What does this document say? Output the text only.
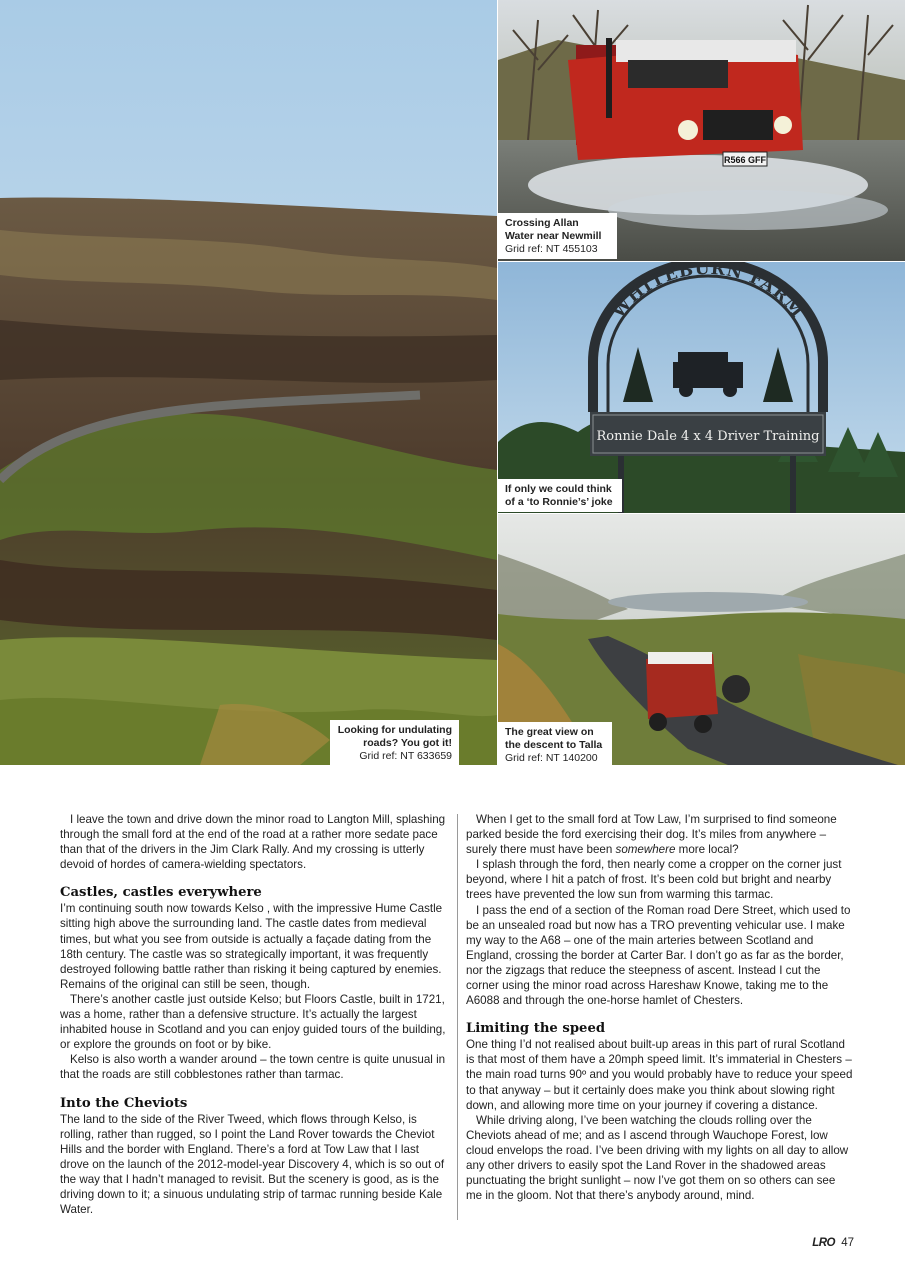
Looking for undulating roads? You got it!
Grid ref: NT 633659
R566 GFF
Crossing Allan Water near Newmill
Grid ref: NT 455103
WHITEBURN FARM
Ronnie Dale 4 x 4 Driver Training
If only we could think of a ‘to Ronnie’s’ joke
The great view on the descent to Talla
Grid ref: NT 140200

I leave the town and drive down the minor road to Langton Mill, splashing through the small ford at the end of the road at a rather more sedate pace than that of the drivers in the Jim Clark Rally. And my crossing is utterly devoid of hordes of camera-wielding spectators.

Castles, castles everywhere

I’m continuing south now towards Kelso , with the impressive Hume Castle sitting high above the surrounding land. The castle dates from medieval times, but what you see from outside is actually a façade dating from the 18th century. The castle was so strategically important, it was frequently destroyed following battle rather than risking it being captured by enemies. Remains of the original can still be seen, though.

There’s another castle just outside Kelso; but Floors Castle, built in 1721, was a home, rather than a defensive structure. It’s actually the largest inhabited house in Scotland and you can enjoy guided tours of the building, or explore the grounds on foot or by bike.

Kelso is also worth a wander around – the town centre is quite unusual in that the roads are still cobblestones rather than tarmac.

Into the Cheviots

The land to the side of the River Tweed, which flows through Kelso, is rolling, rather than rugged, so I point the Land Rover towards the Cheviot Hills and the border with England. There’s a ford at Tow Law that I last drove on the launch of the 2012-model-year Discovery 4, which is so out of the way that I hadn’t managed to revisit. But the scenery is good, as is the driving down to it; a sinuous undulating strip of tarmac running beside Kale Water.

When I get to the small ford at Tow Law, I’m surprised to find someone parked beside the ford exercising their dog. It’s miles from anywhere – surely there must have been somewhere more local?

I splash through the ford, then nearly come a cropper on the corner just beyond, where I hit a patch of frost. It’s been cold but bright and nearby trees have prevented the low sun from warming this tarmac.

I pass the end of a section of the Roman road Dere Street, which used to be an unsealed road but now has a TRO preventing vehicular use. I make my way to the A68 – one of the main arteries between Scotland and England, crossing the border at Carter Bar. I don’t go as far as the border, nor the zigzags that reduce the steepness of ascent. Instead I cut the corner using the minor road across Hareshaw Knowe, taking me to the A6088 and through the one-horse hamlet of Chesters.

Limiting the speed

One thing I’d not realised about built-up areas in this part of rural Scotland is that most of them have a 20mph speed limit. It’s immaterial in Chesters – the main road turns 90º and you would probably have to reduce your speed to that anyway – but it certainly does make you think about slowing right down, and allowing more time on your journey if covering a distance.

While driving along, I’ve been watching the clouds rolling over the Cheviots ahead of me; and as I ascend through Wauchope Forest, low cloud envelops the road. I’ve been driving with my lights on all day to allow any other drivers to easily spot the Land Rover in the shadowed areas punctuating the bright sunlight – now I’ve got them on so others can see me in the gloom. Not that there’s anybody around, mind.

LRO 47
